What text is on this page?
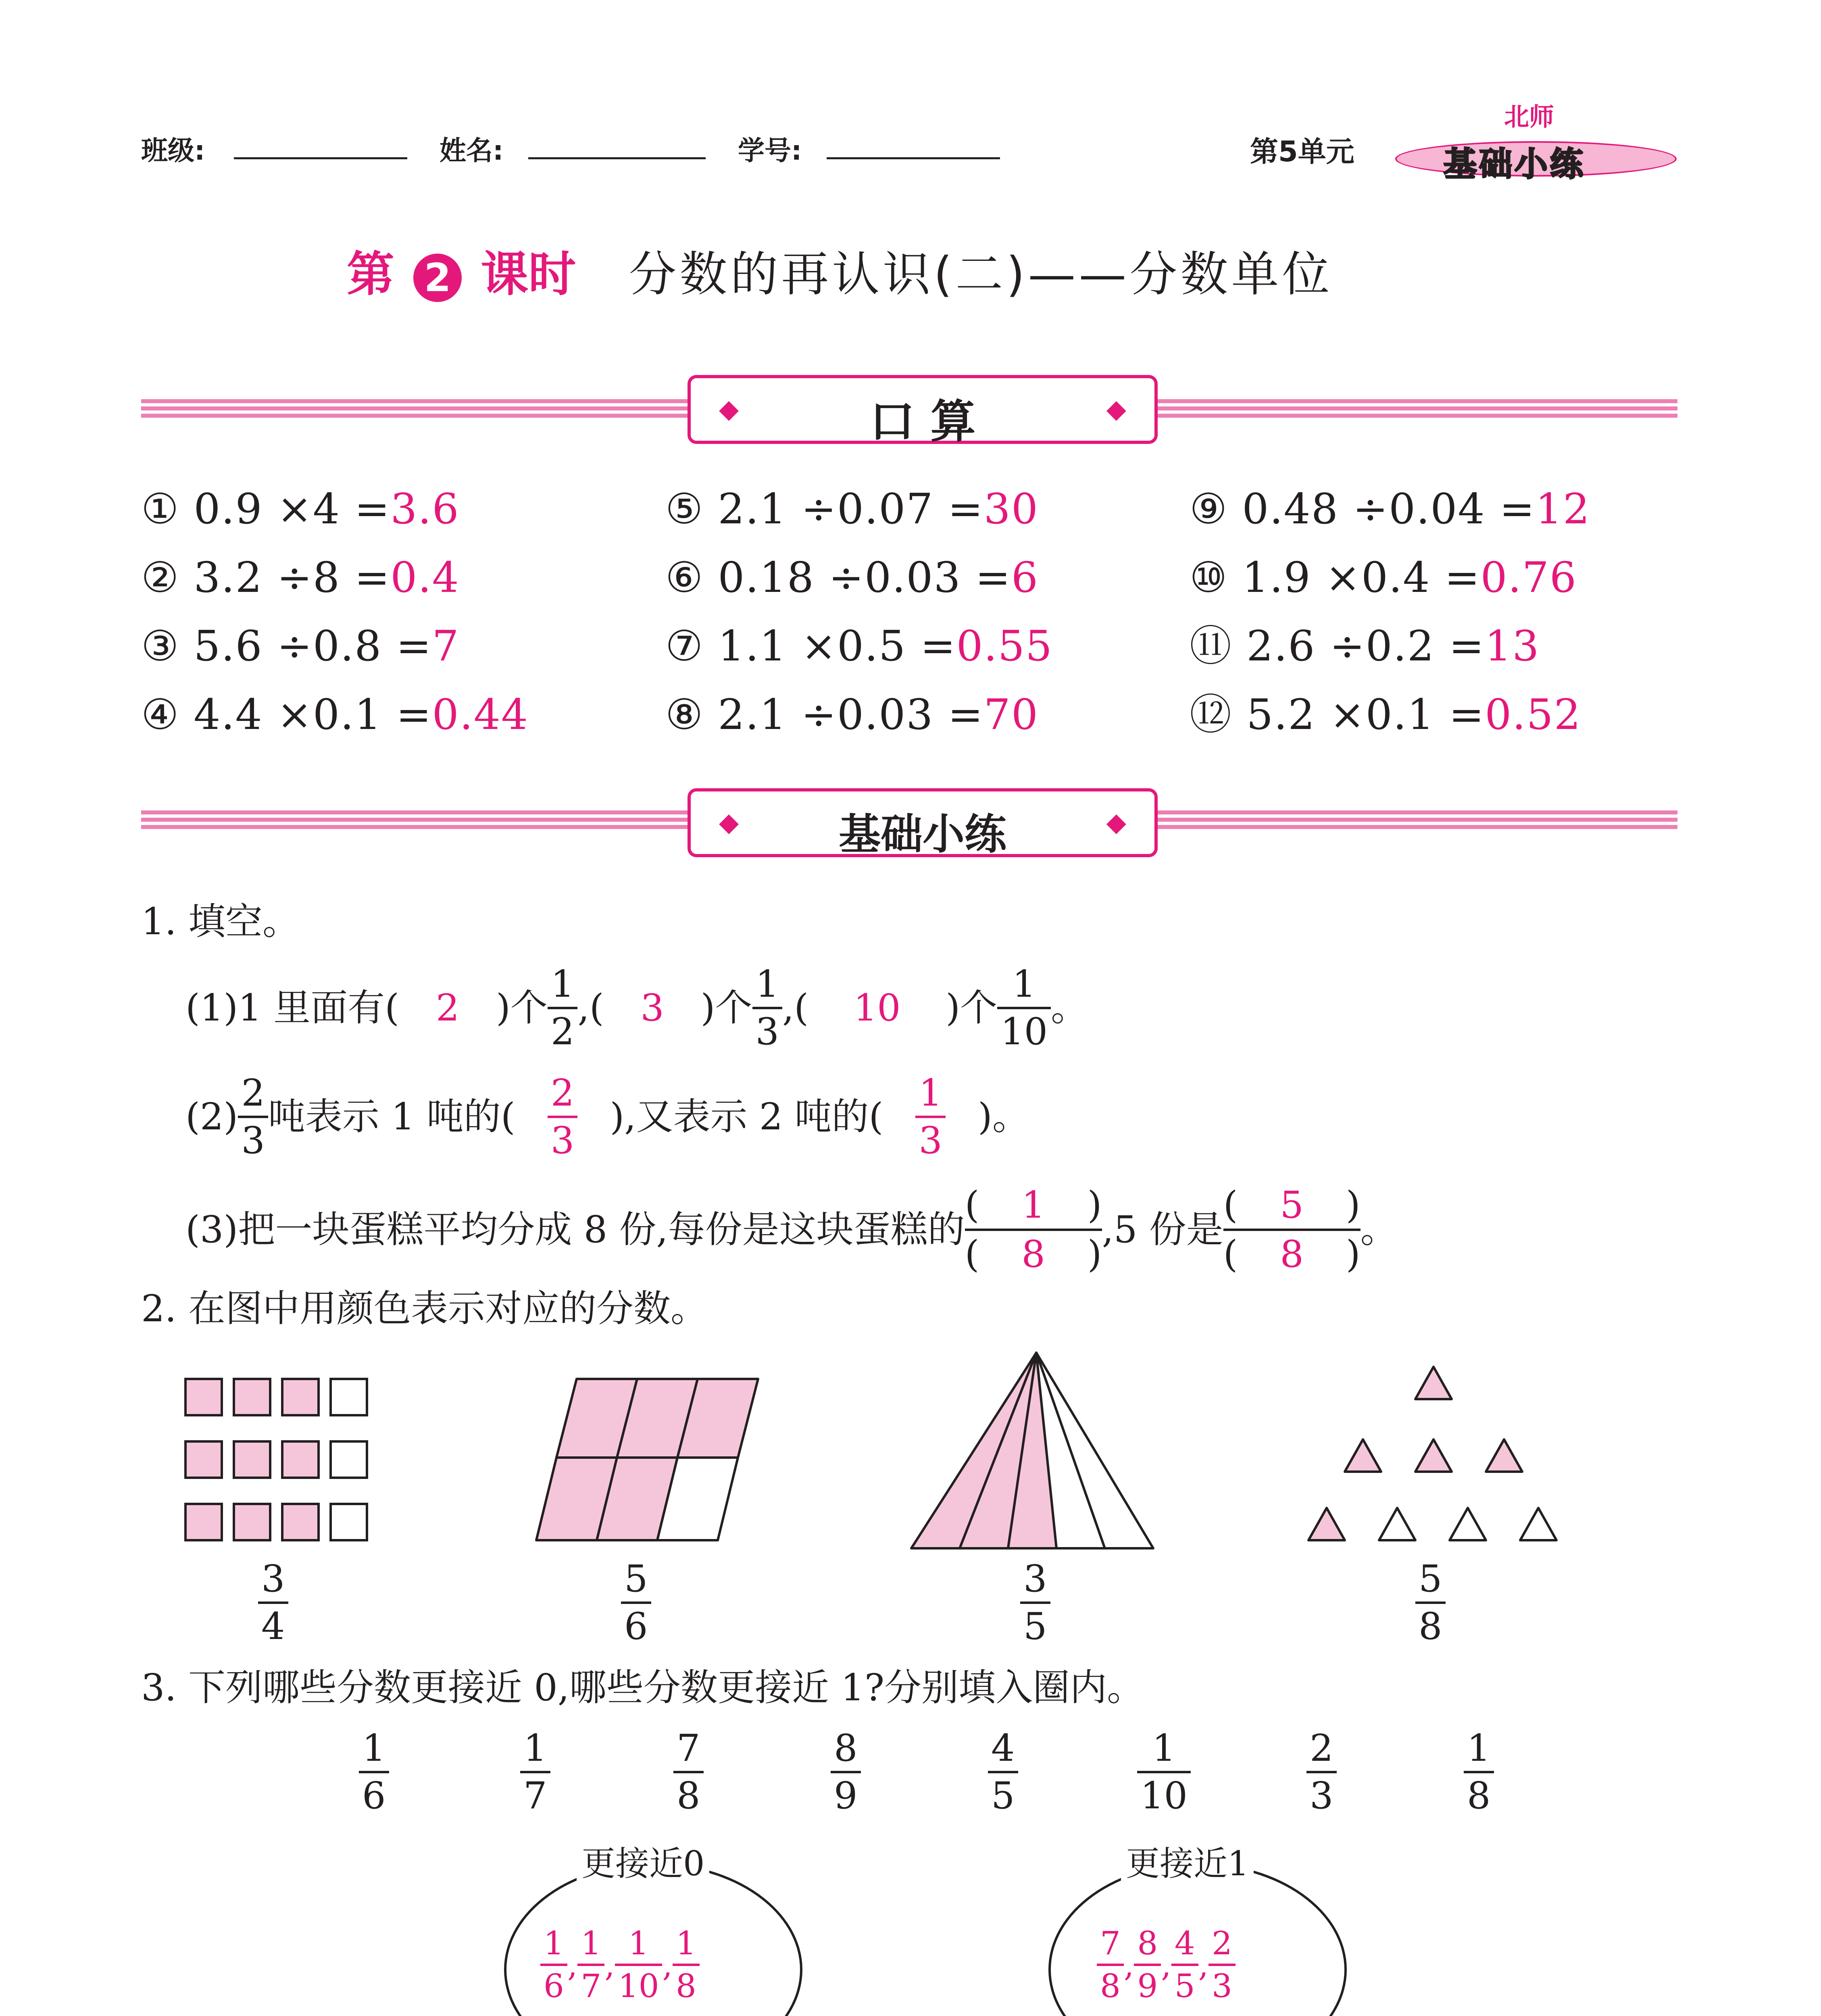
班级:	姓名:	学号:	第5单元
北师
基础小练
第 2 课时 分数的再认识(二)——分数单位
◆	口 算	◆
① 0.9 ×4 =3.6
② 3.2 ÷8 =0.4
③ 5.6 ÷0.8 =7
④ 4.4 ×0.1 =0.44
⑤ 2.1 ÷0.07 =30
⑥ 0.18 ÷0.03 =6
⑦ 1.1 ×0.5 =0.55
⑧ 2.1 ÷0.03 =70
⑨ 0.48 ÷0.04 =12
⑩ 1.9 ×0.4 =0.76
⑪ 2.6 ÷0.2 =13
⑫ 5.2 ×0.1 =0.52
◆	基础小练	◆
1. 填空。
(1)1 里面有( 2 )个
1
2
,( 3 )个
1
3
,(	10	)个
1
10
。
(2)
2
3
吨表示 1 吨的(
2
3
),又表示 2 吨的(
1
3
)。
(3)把一块蛋糕平均分成 8 份,每份是这块蛋糕的
( 1 )
( 8 )
,5 份是
( 5 )
( 8 )
。
2. 在图中用颜色表示对应的分数。
3
4
5
6
3
5
5
8
3. 下列哪些分数更接近 0,哪些分数更接近 1?分别填入圈内。
1
6
1
7
7
8
8
9
4
5
1
10
2
3
1
8
更接近0
1
6
,
1
7
,
1
10
,
1
8
更接近1
7
8
,
8
9
,
4
5
,
2
3
